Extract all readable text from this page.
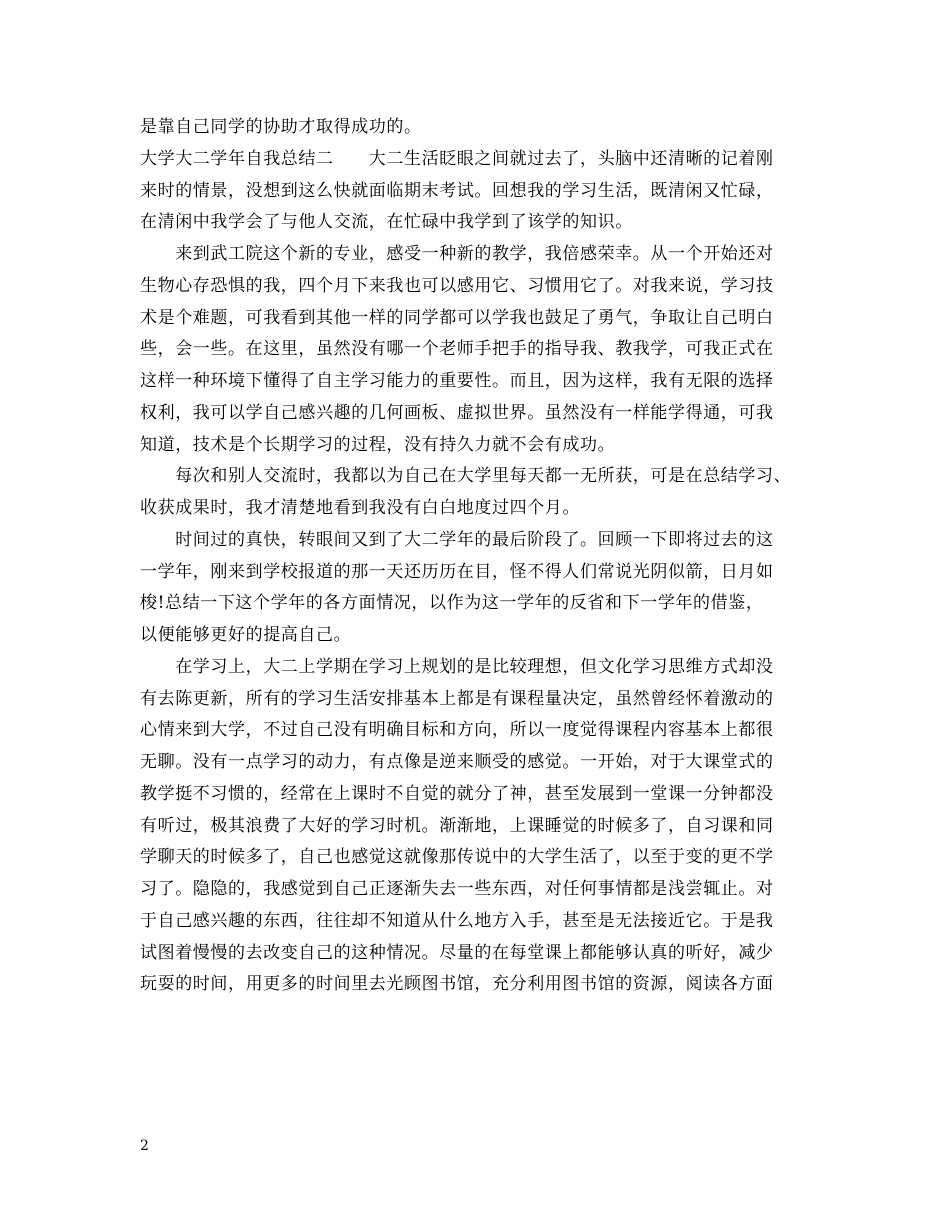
是靠自己同学的协助才取得成功的。
大学大二学年自我总结二　　大二生活眨眼之间就过去了，头脑中还清晰的记着刚
来时的情景，没想到这么快就面临期末考试。回想我的学习生活，既清闲又忙碌，
在清闲中我学会了与他人交流，在忙碌中我学到了该学的知识。
　　来到武工院这个新的专业，感受一种新的教学，我倍感荣幸。从一个开始还对
生物心存恐惧的我，四个月下来我也可以感用它、习惯用它了。对我来说，学习技
术是个难题，可我看到其他一样的同学都可以学我也鼓足了勇气，争取让自己明白
些，会一些。在这里，虽然没有哪一个老师手把手的指导我、教我学，可我正式在
这样一种环境下懂得了自主学习能力的重要性。而且，因为这样，我有无限的选择
权利，我可以学自己感兴趣的几何画板、虚拟世界。虽然没有一样能学得通，可我
知道，技术是个长期学习的过程，没有持久力就不会有成功。
　　每次和别人交流时，我都以为自己在大学里每天都一无所获，可是在总结学习、
收获成果时，我才清楚地看到我没有白白地度过四个月。
　　时间过的真快，转眼间又到了大二学年的最后阶段了。回顾一下即将过去的这
一学年，刚来到学校报道的那一天还历历在目，怪不得人们常说光阴似箭，日月如
梭!总结一下这个学年的各方面情况，以作为这一学年的反省和下一学年的借鉴，
以便能够更好的提高自己。
　　在学习上，大二上学期在学习上规划的是比较理想，但文化学习思维方式却没
有去陈更新，所有的学习生活安排基本上都是有课程量决定，虽然曾经怀着激动的
心情来到大学，不过自己没有明确目标和方向，所以一度觉得课程内容基本上都很
无聊。没有一点学习的动力，有点像是逆来顺受的感觉。一开始，对于大课堂式的
教学挺不习惯的，经常在上课时不自觉的就分了神，甚至发展到一堂课一分钟都没
有听过，极其浪费了大好的学习时机。渐渐地，上课睡觉的时候多了，自习课和同
学聊天的时候多了，自己也感觉这就像那传说中的大学生活了，以至于变的更不学
习了。隐隐的，我感觉到自己正逐渐失去一些东西，对任何事情都是浅尝辄止。对
于自己感兴趣的东西，往往却不知道从什么地方入手，甚至是无法接近它。于是我
试图着慢慢的去改变自己的这种情况。尽量的在每堂课上都能够认真的听好，减少
玩耍的时间，用更多的时间里去光顾图书馆，充分利用图书馆的资源，阅读各方面
2
